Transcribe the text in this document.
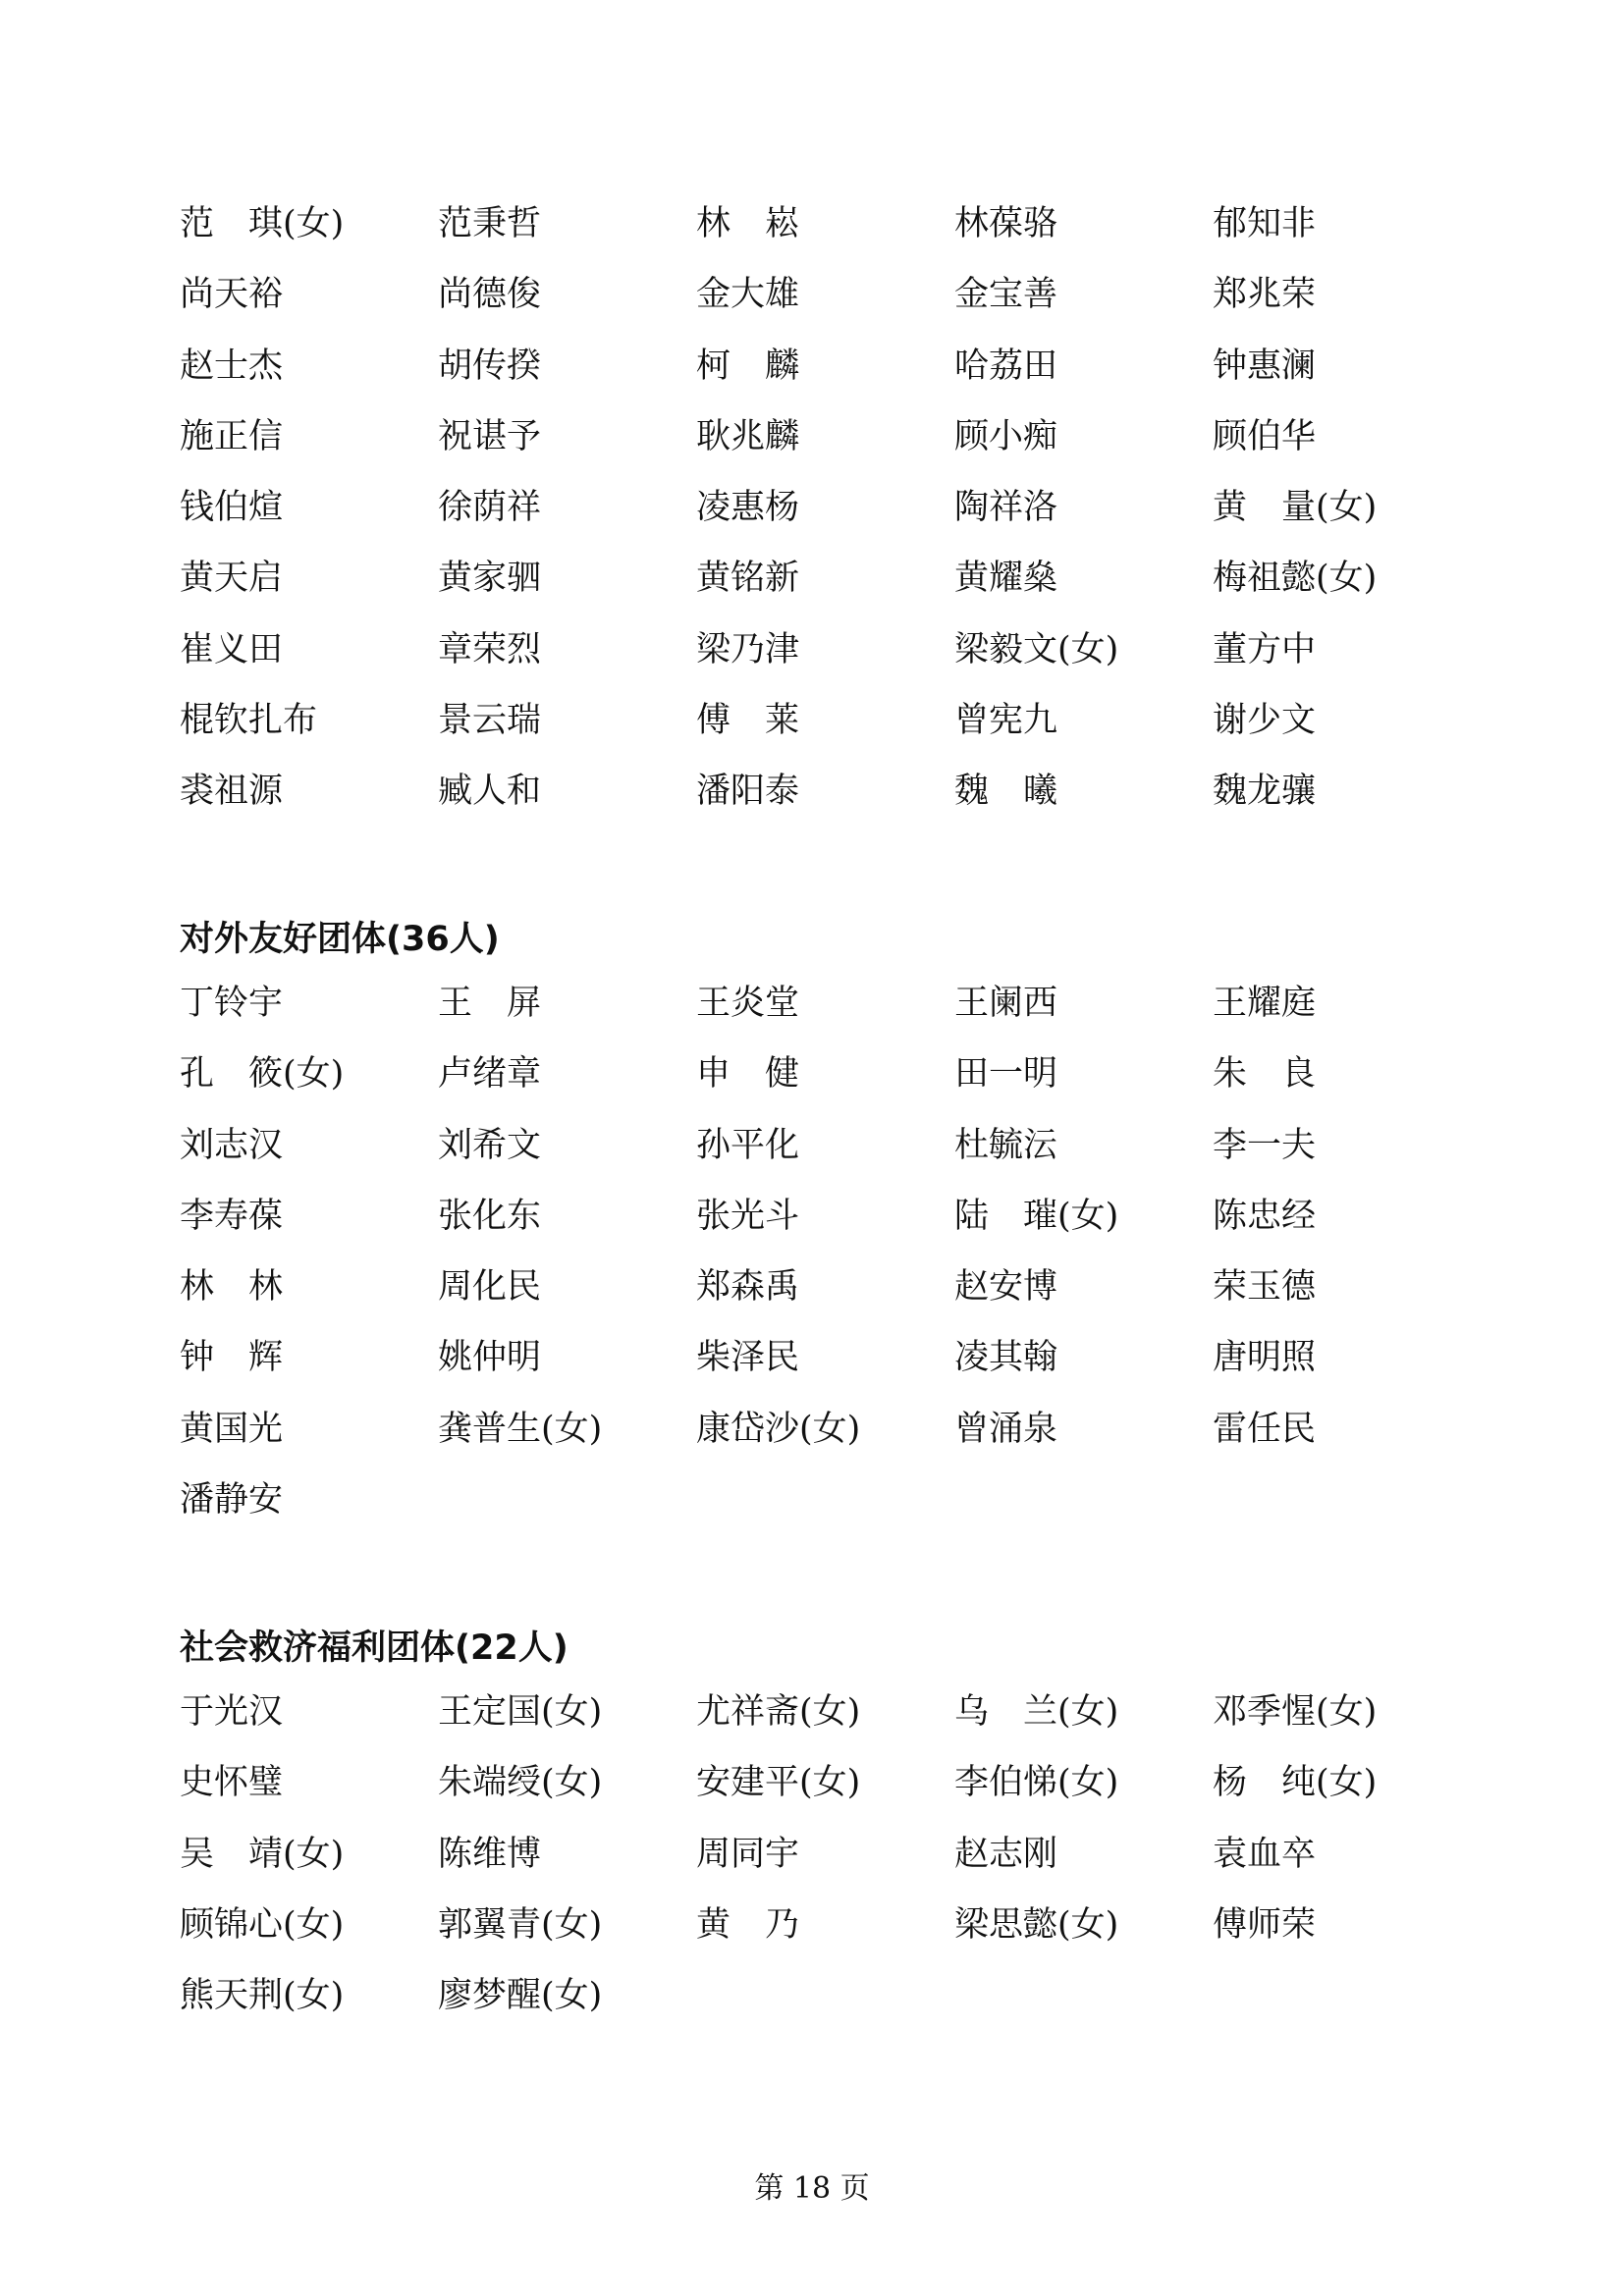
范　琪(女)	范秉哲	林　崧	林葆骆	郁知非
尚天裕	尚德俊	金大雄	金宝善	郑兆荣
赵士杰	胡传揆	柯　麟	哈荔田	钟惠澜
施正信	祝谌予	耿兆麟	顾小痴	顾伯华
钱伯煊	徐荫祥	凌惠杨	陶祥洛	黄　量(女)
黄天启	黄家驷	黄铭新	黄耀燊	梅祖懿(女)
崔义田	章荣烈	梁乃津	梁毅文(女)	董方中
棍钦扎布	景云瑞	傅　莱	曾宪九	谢少文
裘祖源	臧人和	潘阳泰	魏　曦	魏龙骧
对外友好团体(36人)
丁铃宇	王　屏	王炎堂	王阑西	王耀庭
孔　筱(女)	卢绪章	申　健	田一明	朱　良
刘志汉	刘希文	孙平化	杜毓沄	李一夫
李寿葆	张化东	张光斗	陆　璀(女)	陈忠经
林　林	周化民	郑森禹	赵安博	荣玉德
钟　辉	姚仲明	柴泽民	凌其翰	唐明照
黄国光	龚普生(女)	康岱沙(女)	曾涌泉	雷任民
潘静安
社会救济福利团体(22人)
于光汉	王定国(女)	尤祥斋(女)	乌　兰(女)	邓季惺(女)
史怀璧	朱端绶(女)	安建平(女)	李伯悌(女)	杨　纯(女)
吴　靖(女)	陈维博	周同宇	赵志刚	袁血卒
顾锦心(女)	郭翼青(女)	黄　乃	梁思懿(女)	傅师荣
熊天荆(女)	廖梦醒(女)
第 18 页
